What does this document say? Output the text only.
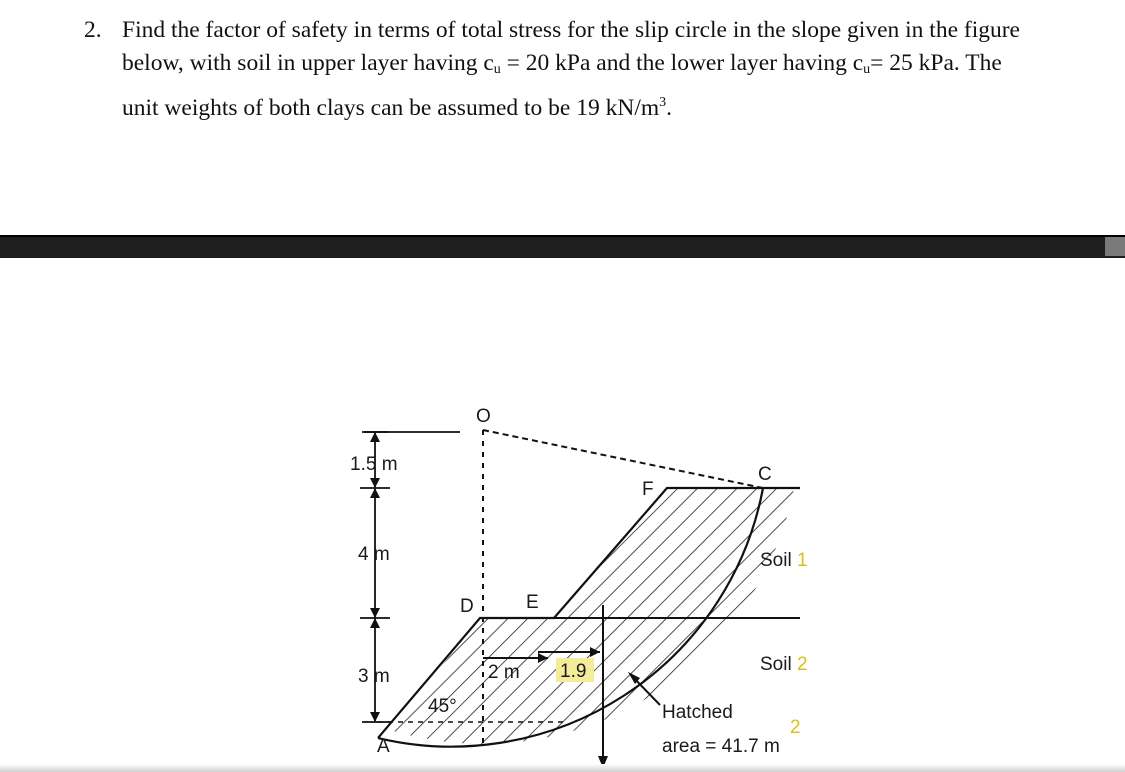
2. Find the factor of safety in terms of total stress for the slip circle in the slope given in the figure
below, with soil in upper layer having $c_u = 20$ kPa and the lower layer having $c_u= 25$ kPa. The
unit weights of both clays can be assumed to be 19 $kN/m^3$.
O
C
F
D	E
A
1.5 m
4 m
3 m
Soil 1
Soil 2
2 m 1.9
45°	Hatched
area = 41.7 m
2
